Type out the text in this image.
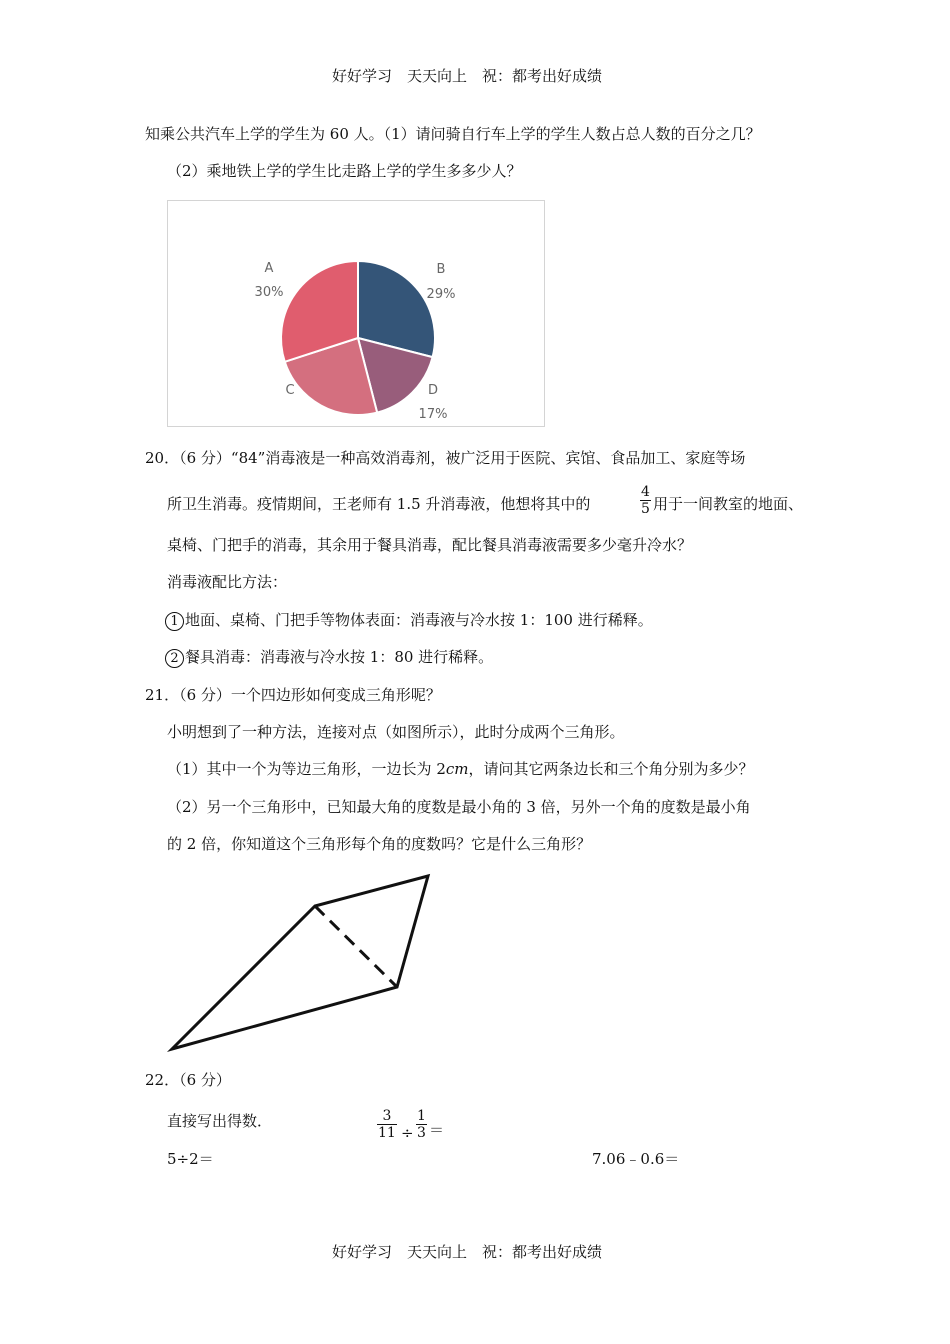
好好学习　天天向上　祝：都考出好成绩
知乘公共汽车上学的学生为 60 人。（1）请问骑自行车上学的学生人数占总人数的百分之几？
（2）乘地铁上学的学生比走路上学的学生多多少人？
A
30%
B
29%
C	D
17%
20．（6 分）“84”消毒液是一种高效消毒剂，被广泛用于医院、宾馆、食品加工、家庭等场
所卫生消毒。疫情期间，王老师有 1.5 升消毒液，他想将其中的	$\frac{4}{5}$ 用于一间教室的地面、
桌椅、门把手的消毒，其余用于餐具消毒，配比餐具消毒液需要多少毫升冷水？
消毒液配比方法：
1 地面、桌椅、门把手等物体表面：消毒液与冷水按 1：100 进行稀释。
2 餐具消毒：消毒液与冷水按 1：80 进行稀释。
21．（6 分）一个四边形如何变成三角形呢？
小明想到了一种方法，连接对点（如图所示），此时分成两个三角形。
（1）其中一个为等边三角形，一边长为 2cm，请问其它两条边长和三个角分别为多少？
（2）另一个三角形中，已知最大角的度数是最小角的 3 倍，另外一个角的度数是最小角
的 2 倍，你知道这个三角形每个角的度数吗？它是什么三角形？
22．（6 分）
直接写出得数．	$\frac{3}{11} \div \frac{1}{3}$ ＝
5÷2＝	7.06﹣0.6＝
好好学习　天天向上　祝：都考出好成绩
